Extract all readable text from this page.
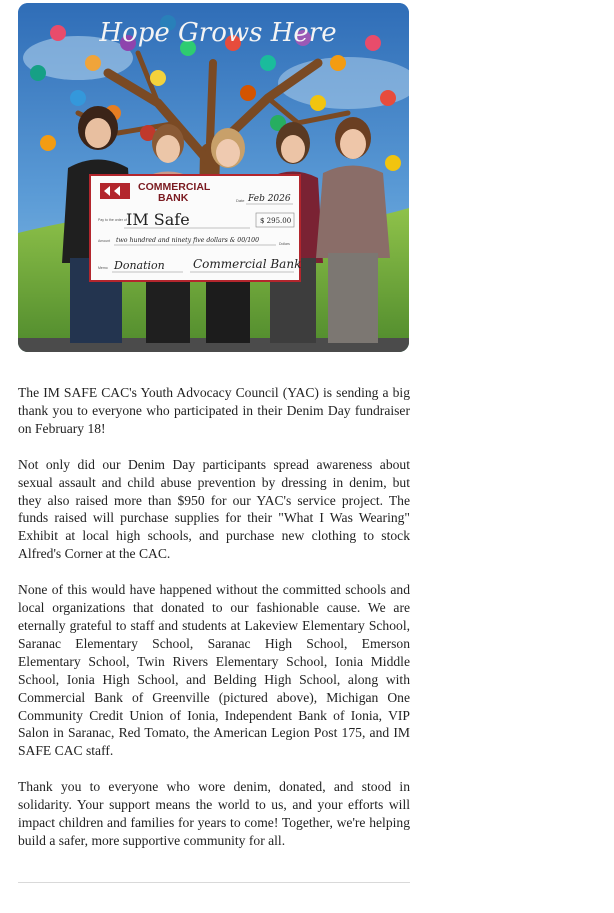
Hope Grows Here
COMMERCIAL
BANK	Date Feb 2026
Pay to the order of IM Safe	$ 295.00
Amount two hundred and ninety five dollars & 00/100	Dollars
Memo Donation Commercial Bank

The IM SAFE CAC's Youth Advocacy Council (YAC) is sending a big thank you to everyone who participated in their Denim Day fundraiser on February 18!

Not only did our Denim Day participants spread awareness about sexual assault and child abuse prevention by dressing in denim, but they also raised more than $950 for our YAC's service project. The funds raised will purchase supplies for their "What I Was Wearing" Exhibit at local high schools, and purchase new clothing to stock Alfred's Corner at the CAC.

None of this would have happened without the committed schools and local organizations that donated to our fashionable cause. We are eternally grateful to staff and students at Lakeview Elementary School, Saranac Elementary School, Saranac High School, Emerson Elementary School, Twin Rivers Elementary School, Ionia Middle School, Ionia High School, and Belding High School, along with Commercial Bank of Greenville (pictured above), Michigan One Community Credit Union of Ionia, Independent Bank of Ionia, VIP Salon in Saranac, Red Tomato, the American Legion Post 175, and IM SAFE CAC staff.

Thank you to everyone who wore denim, donated, and stood in solidarity. Your support means the world to us, and your efforts will impact children and families for years to come! Together, we're helping build a safer, more supportive community for all.
